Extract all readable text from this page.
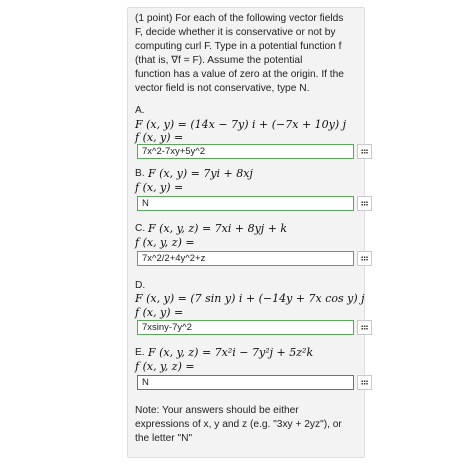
(1 point) For each of the following vector fields
F, decide whether it is conservative or not by
computing curl F. Type in a potential function f
(that is, ∇f = F). Assume the potential
function has a value of zero at the origin. If the
vector field is not conservative, type N.
A.
F (x, y) = (14x − 7y) i + (−7x + 10y) j
f (x, y) =
7x^2-7xy+5y^2
B. F (x, y) = 7yi + 8xj
f (x, y) =
N
C. F (x, y, z) = 7xi + 8yj + k
f (x, y, z) =
7x^2/2+4y^2+z
D.
F (x, y) = (7 sin y) i + (−14y + 7x cos y) j
f (x, y) =
7xsiny-7y^2
E. F (x, y, z) = 7x²i − 7y²j + 5z²k
f (x, y, z) =
N
Note: Your answers should be either
expressions of x, y and z (e.g. "3xy + 2yz"), or
the letter "N"
